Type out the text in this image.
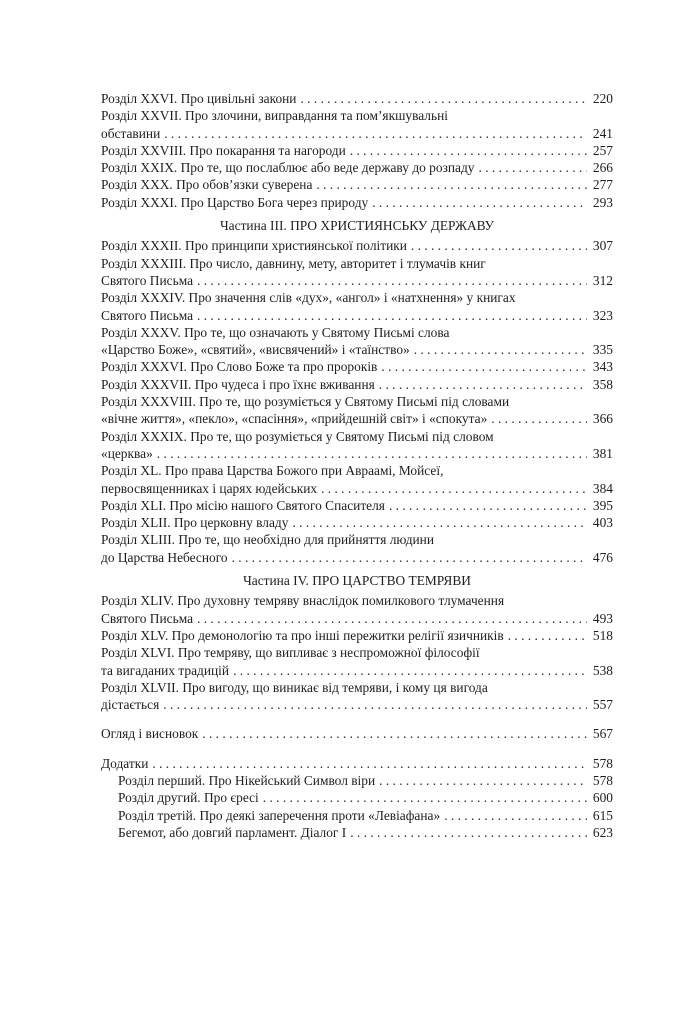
Розділ XXVI. Про цивільні закони . . .	220
Розділ XXVII. Про злочини, виправдання та пом’якшувальні
обставини . . .	241
Розділ XXVIII. Про покарання та нагороди . . .	257
Розділ XXIX. Про те, що послаблює або веде державу до розпаду . . .	266
Розділ XXX. Про обов’язки суверена . . .	277
Розділ XXXI. Про Царство Бога через природу . . .	293
Частина III. ПРО ХРИСТИЯНСЬКУ ДЕРЖАВУ
Розділ XXXII. Про принципи християнської політики . . .	307
Розділ XXXIII. Про число, давнину, мету, авторитет і тлумачів книг
Святого Письма . . .	312
Розділ XXXIV. Про значення слів «дух», «ангол» і «натхнення» у книгах
Святого Письма . . .	323
Розділ XXXV. Про те, що означають у Святому Письмі слова
«Царство Боже», «святий», «висвячений» і «таїнство» . . .	335
Розділ XXXVI. Про Слово Боже та про пророків . . .	343
Розділ XXXVII. Про чудеса і про їхнє вживання . . .	358
Розділ XXXVIII. Про те, що розуміється у Святому Письмі під словами
«вічне життя», «пекло», «спасіння», «прийдешній світ» і «спокута» . . .	366
Розділ XXXIX. Про те, що розуміється у Святому Письмі під словом
«церква» . . .	381
Розділ XL. Про права Царства Божого при Авраамі, Мойсеї,
первосвященниках і царях юдейських . . .	384
Розділ XLI. Про місію нашого Святого Спасителя . . .	395
Розділ XLII. Про церковну владу . . .	403
Розділ XLIII. Про те, що необхідно для прийняття людини
до Царства Небесного . . .	476
Частина IV. ПРО ЦАРСТВО ТЕМРЯВИ
Розділ XLIV. Про духовну темряву внаслідок помилкового тлумачення
Святого Письма . . .	493
Розділ XLV. Про демонологію та про інші пережитки релігії язичників . . .	518
Розділ XLVI. Про темряву, що випливає з неспроможної філософії
та вигаданих традицій . . .	538
Розділ XLVII. Про вигоду, що виникає від темряви, і кому ця вигода
дістається . . .	557
Огляд і висновок . . .	567
Додатки . . .	578
Розділ перший. Про Нікейський Символ віри . . .	578
Розділ другий. Про єресі . . .	600
Розділ третій. Про деякі заперечення проти «Левіафана» . . .	615
Бегемот, або довгий парламент. Діалог І . . .	623
